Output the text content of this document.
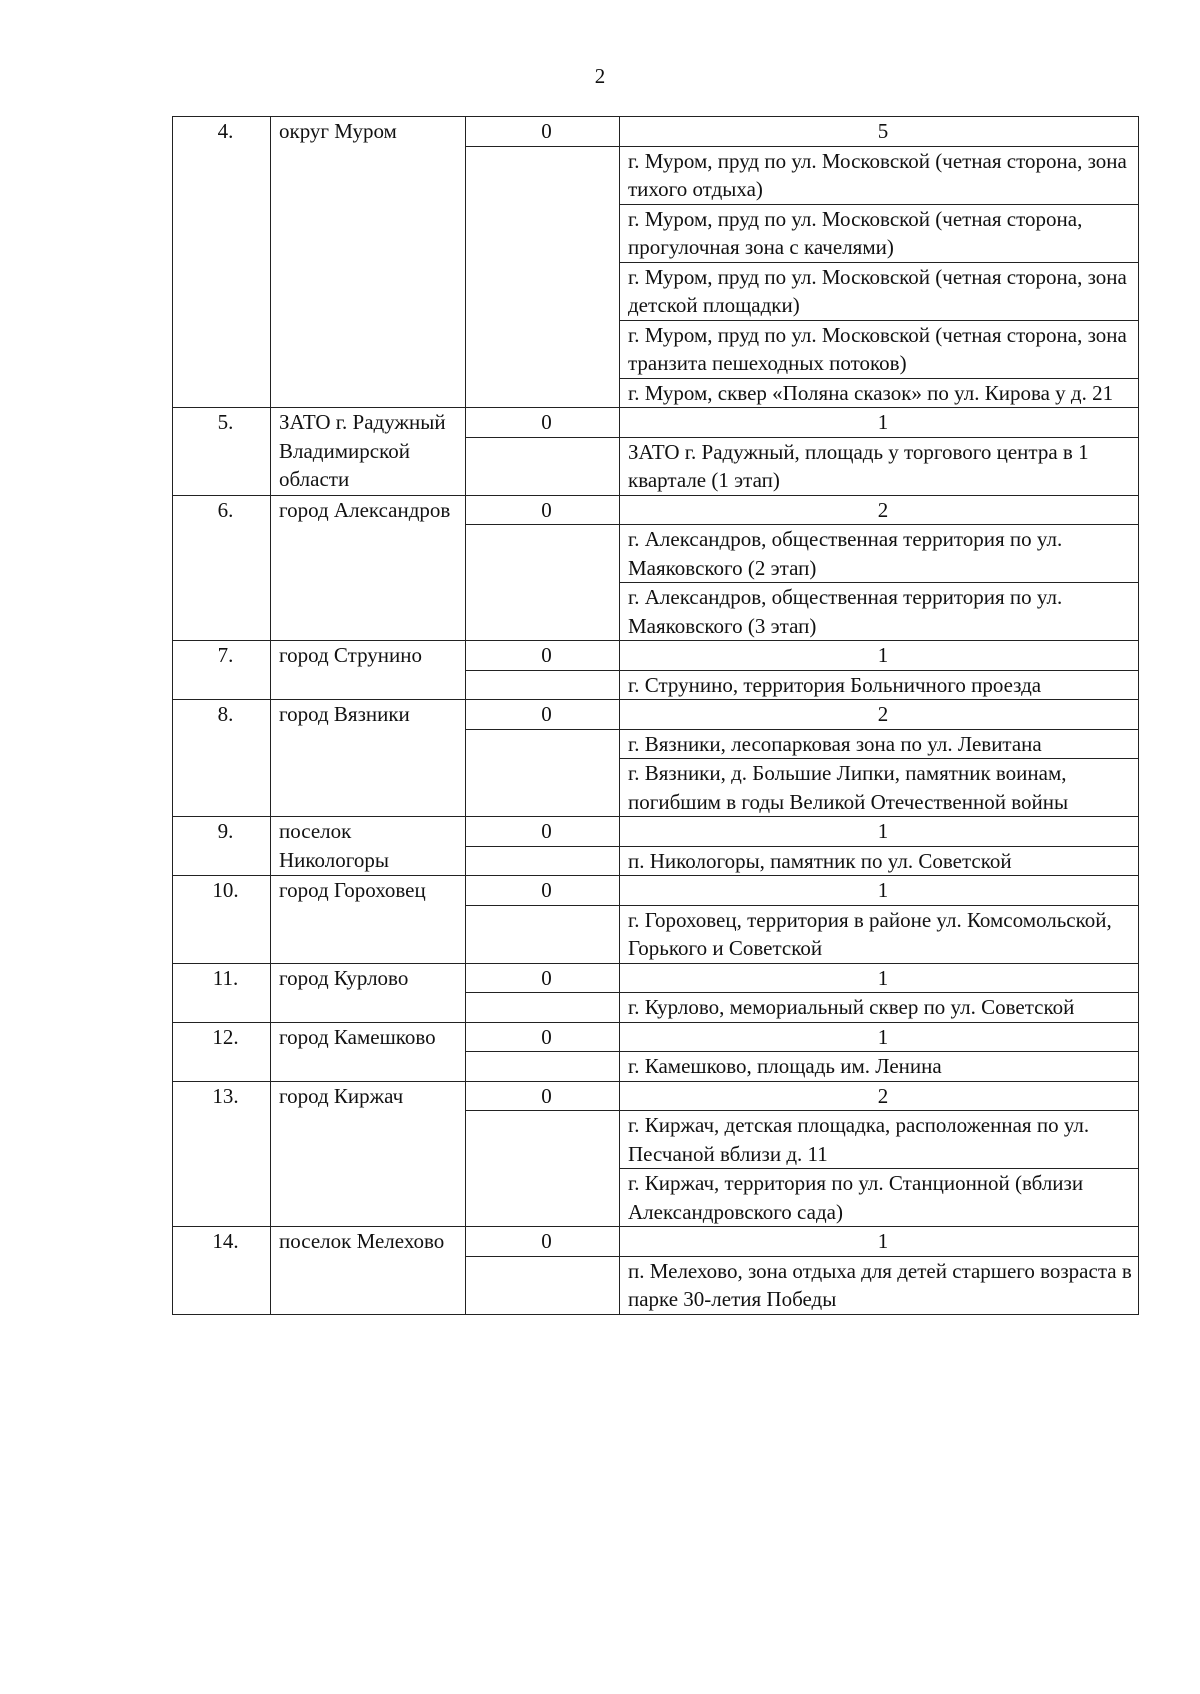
2
4.	округ Муром	0	5
			г. Муром, пруд по ул. Московской (четная сторона, зона тихого отдыха)
			г. Муром, пруд по ул. Московской (четная сторона, прогулочная зона с качелями)
			г. Муром, пруд по ул. Московской (четная сторона, зона детской площадки)
			г. Муром, пруд по ул. Московской (четная сторона, зона транзита пешеходных потоков)
			г. Муром, сквер «Поляна сказок» по ул. Кирова у д. 21
5.	ЗАТО г. Радужный Владимирской области	0	1
			ЗАТО г. Радужный, площадь у торгового центра в 1 квартале (1 этап)
6.	город Александров	0	2
			г. Александров, общественная территория по ул. Маяковского (2 этап)
			г. Александров, общественная территория по ул. Маяковского (3 этап)
7.	город Струнино	0	1
			г. Струнино, территория Больничного проезда
8.	город Вязники	0	2
			г. Вязники, лесопарковая зона по ул. Левитана
			г. Вязники, д. Большие Липки, памятник воинам, погибшим в годы Великой Отечественной войны
9.	поселок Никологоры	0	1
			п. Никологоры, памятник по ул. Советской
10.	город Гороховец	0	1
			г. Гороховец, территория в районе ул. Комсомольской, Горького и Советской
11.	город Курлово	0	1
			г. Курлово, мемориальный сквер по ул. Советской
12.	город Камешково	0	1
			г. Камешково, площадь им. Ленина
13.	город Киржач	0	2
			г. Киржач, детская площадка, расположенная по ул. Песчаной вблизи д. 11
			г. Киржач, территория по ул. Станционной (вблизи Александровского сада)
14.	поселок Мелехово	0	1
			п. Мелехово, зона отдыха для детей старшего возраста в парке 30-летия Победы
